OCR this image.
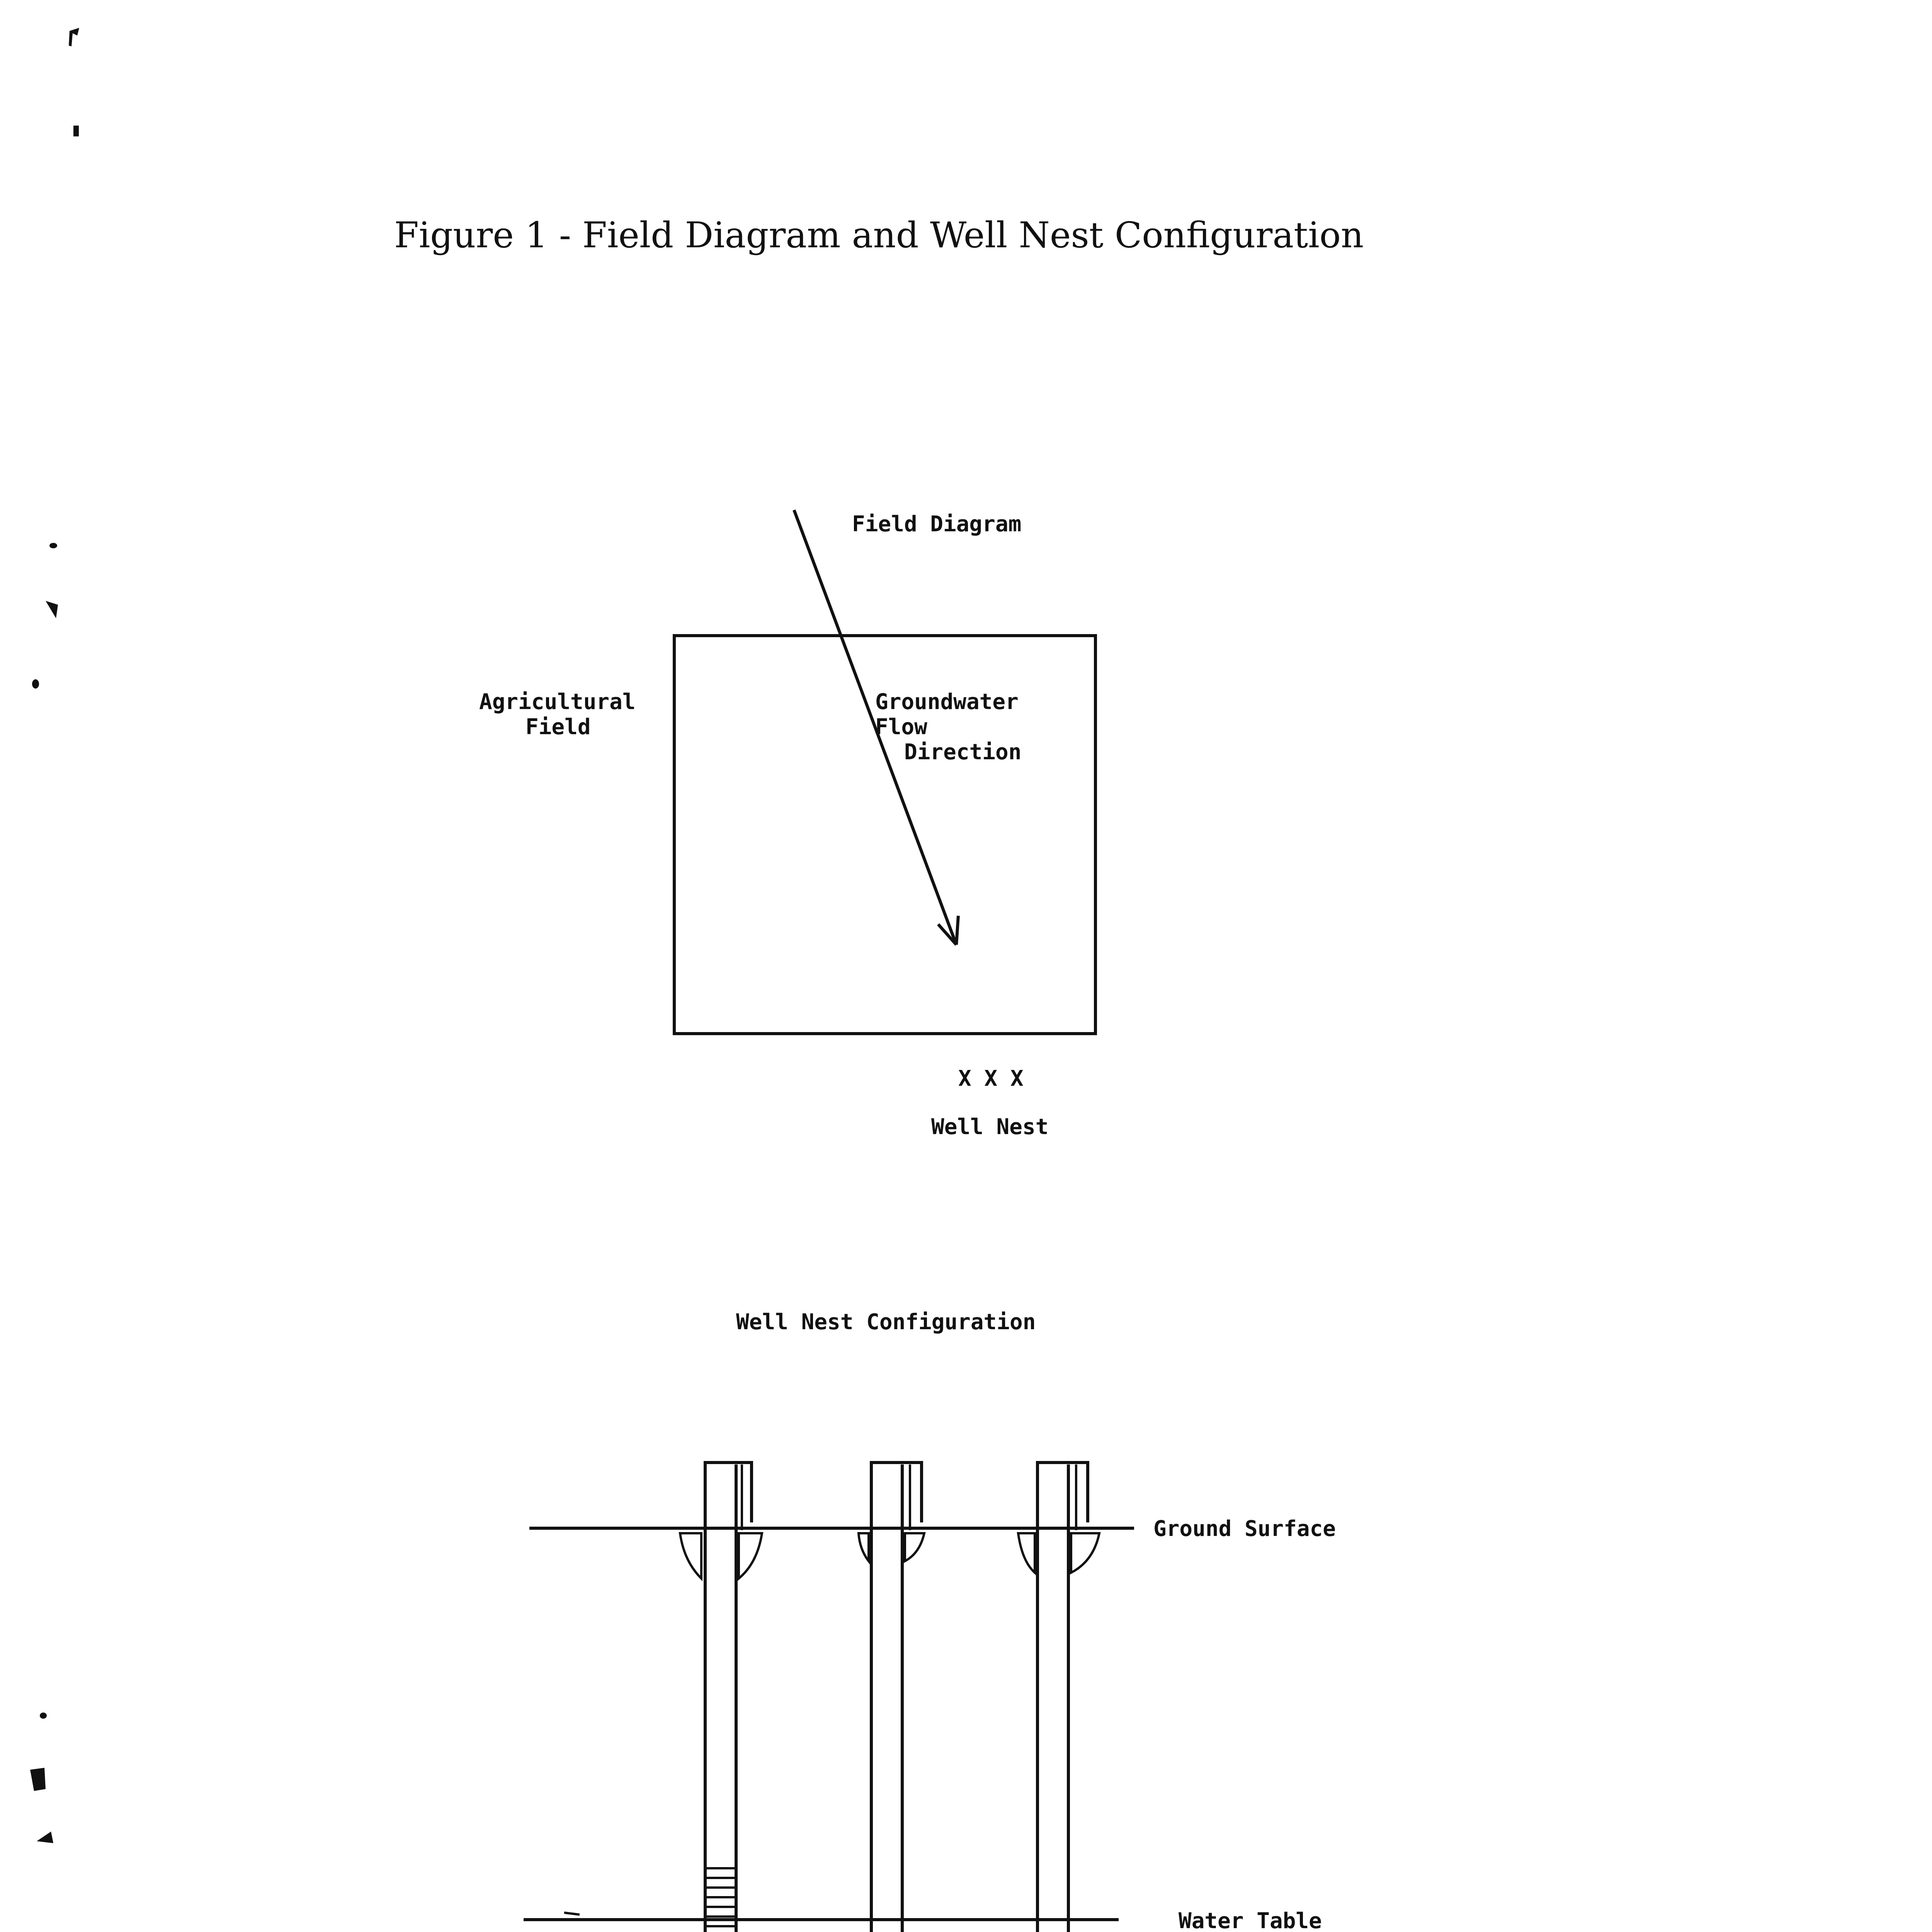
Figure 1 - Field Diagram and Well Nest Configuration
Field Diagram
Agricultural
Field
Groundwater
Flow
Direction
X X X
Well Nest
Well Nest Configuration
Ground Surface
Water Table
